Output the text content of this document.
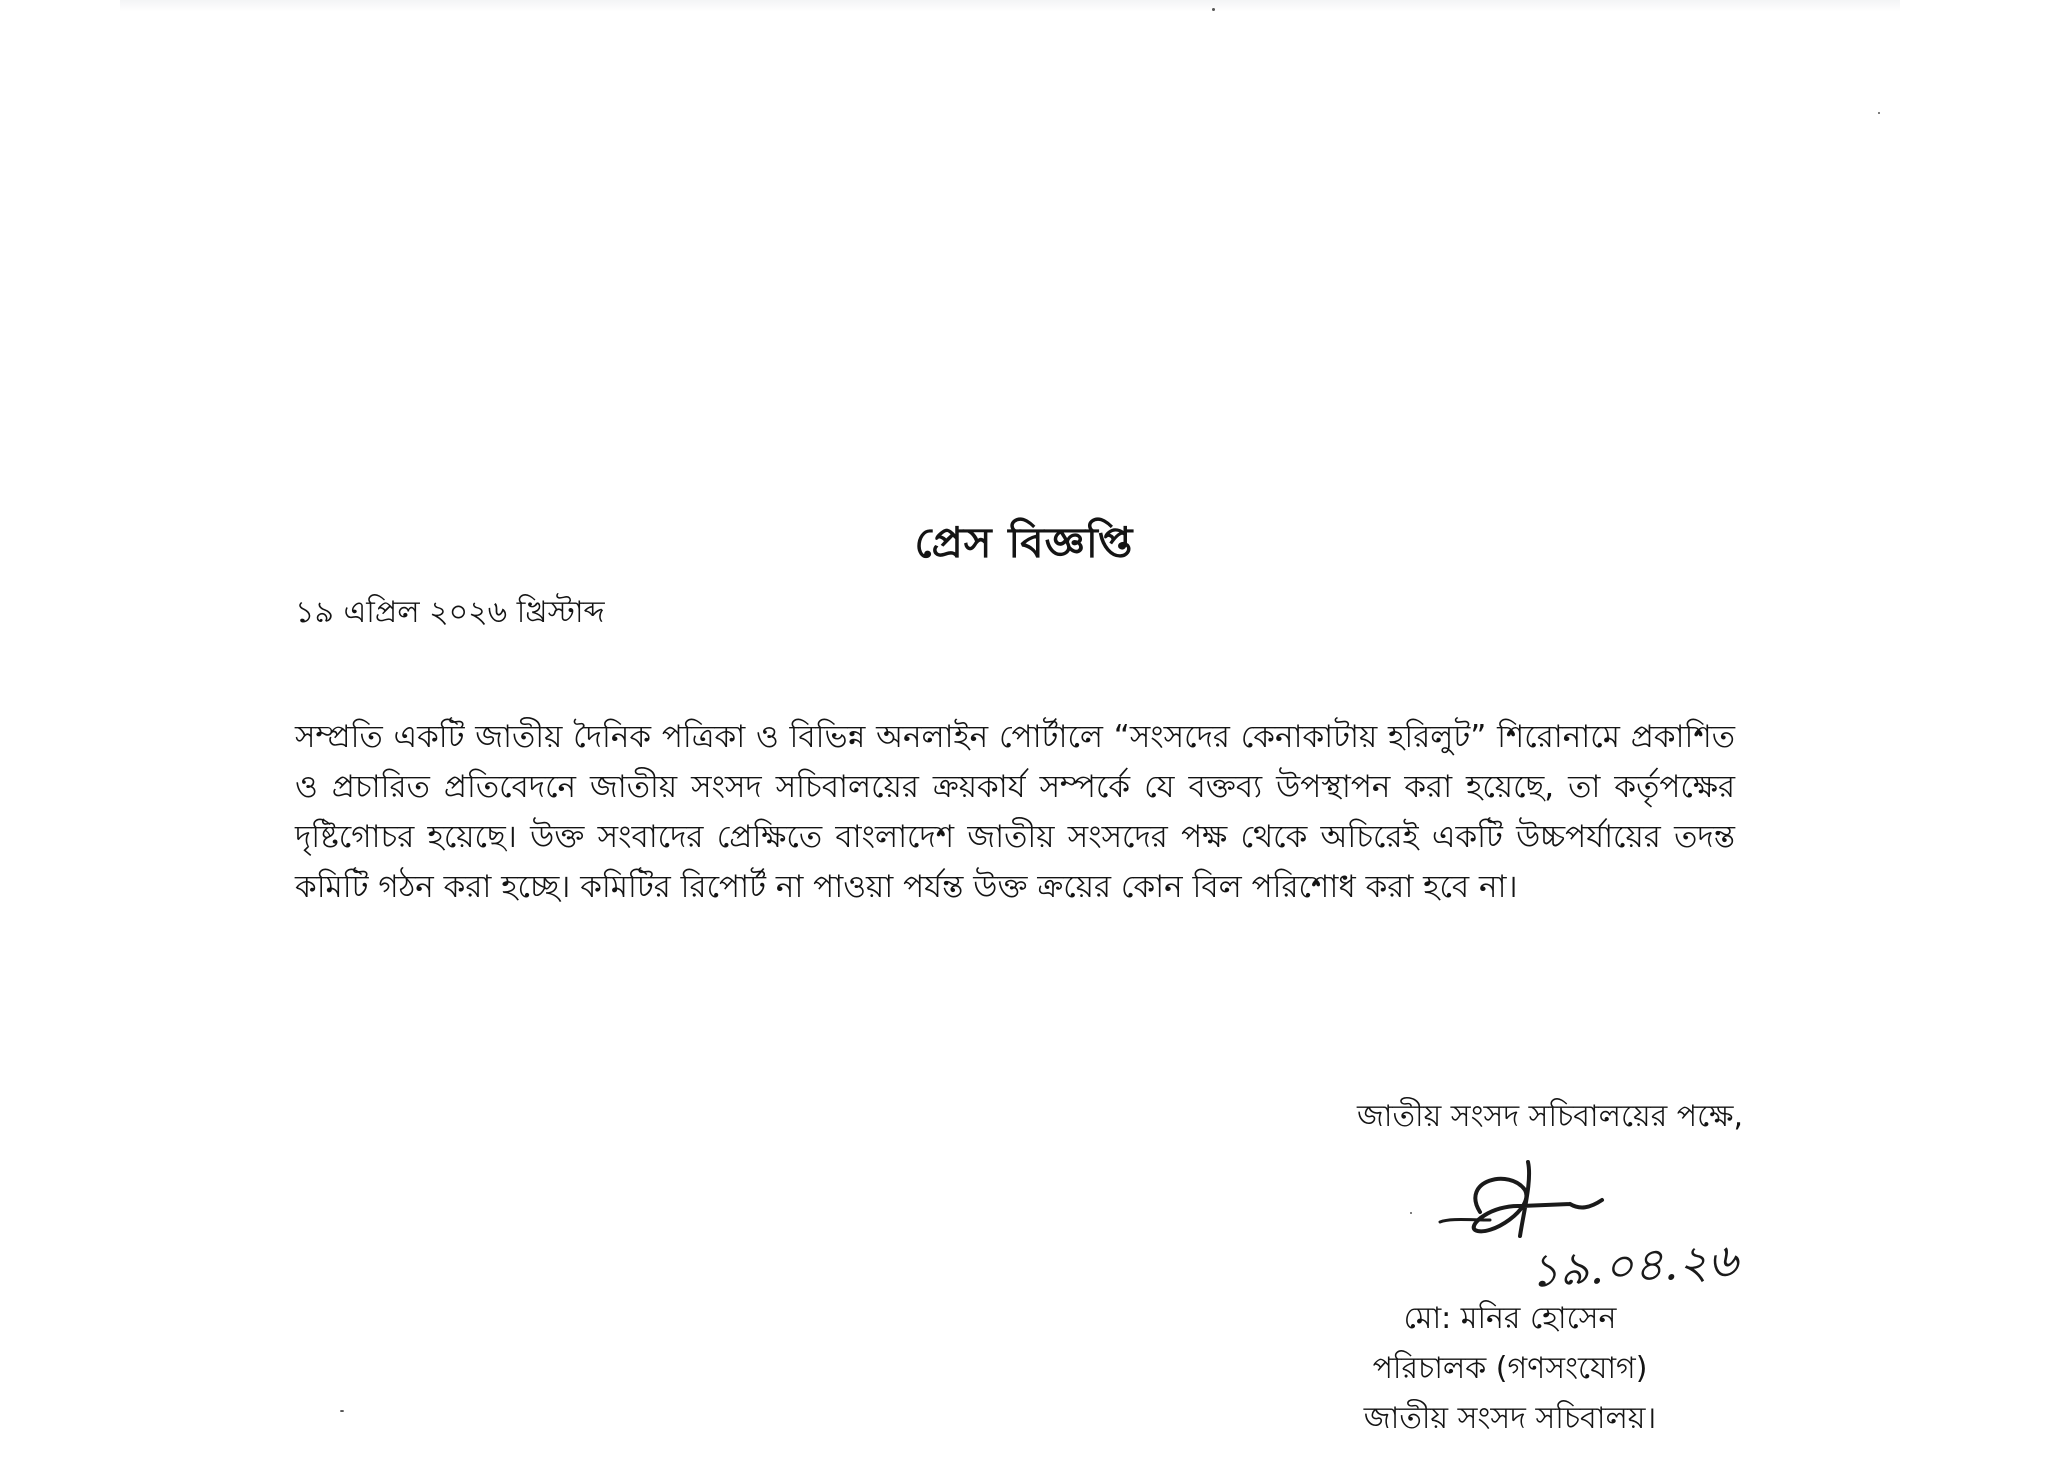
প্রেস বিজ্ঞপ্তি
১৯ এপ্রিল ২০২৬ খ্রিস্টাব্দ
সম্প্রতি একটি জাতীয় দৈনিক পত্রিকা ও বিভিন্ন অনলাইন পোর্টালে “সংসদের কেনাকাটায় হরিলুট” শিরোনামে প্রকাশিত ও প্রচারিত প্রতিবেদনে জাতীয় সংসদ সচিবালয়ের ক্রয়কার্য সম্পর্কে যে বক্তব্য উপস্থাপন করা হয়েছে, তা কর্তৃপক্ষের দৃষ্টিগোচর হয়েছে। উক্ত সংবাদের প্রেক্ষিতে বাংলাদেশ জাতীয় সংসদের পক্ষ থেকে অচিরেই একটি উচ্চপর্যায়ের তদন্ত কমিটি গঠন করা হচ্ছে। কমিটির রিপোর্ট না পাওয়া পর্যন্ত উক্ত ক্রয়ের কোন বিল পরিশোধ করা হবে না।
জাতীয় সংসদ সচিবালয়ের পক্ষে,
১৯.০৪.২৬
মো: মনির হোসেন
পরিচালক (গণসংযোগ)
জাতীয় সংসদ সচিবালয়।
